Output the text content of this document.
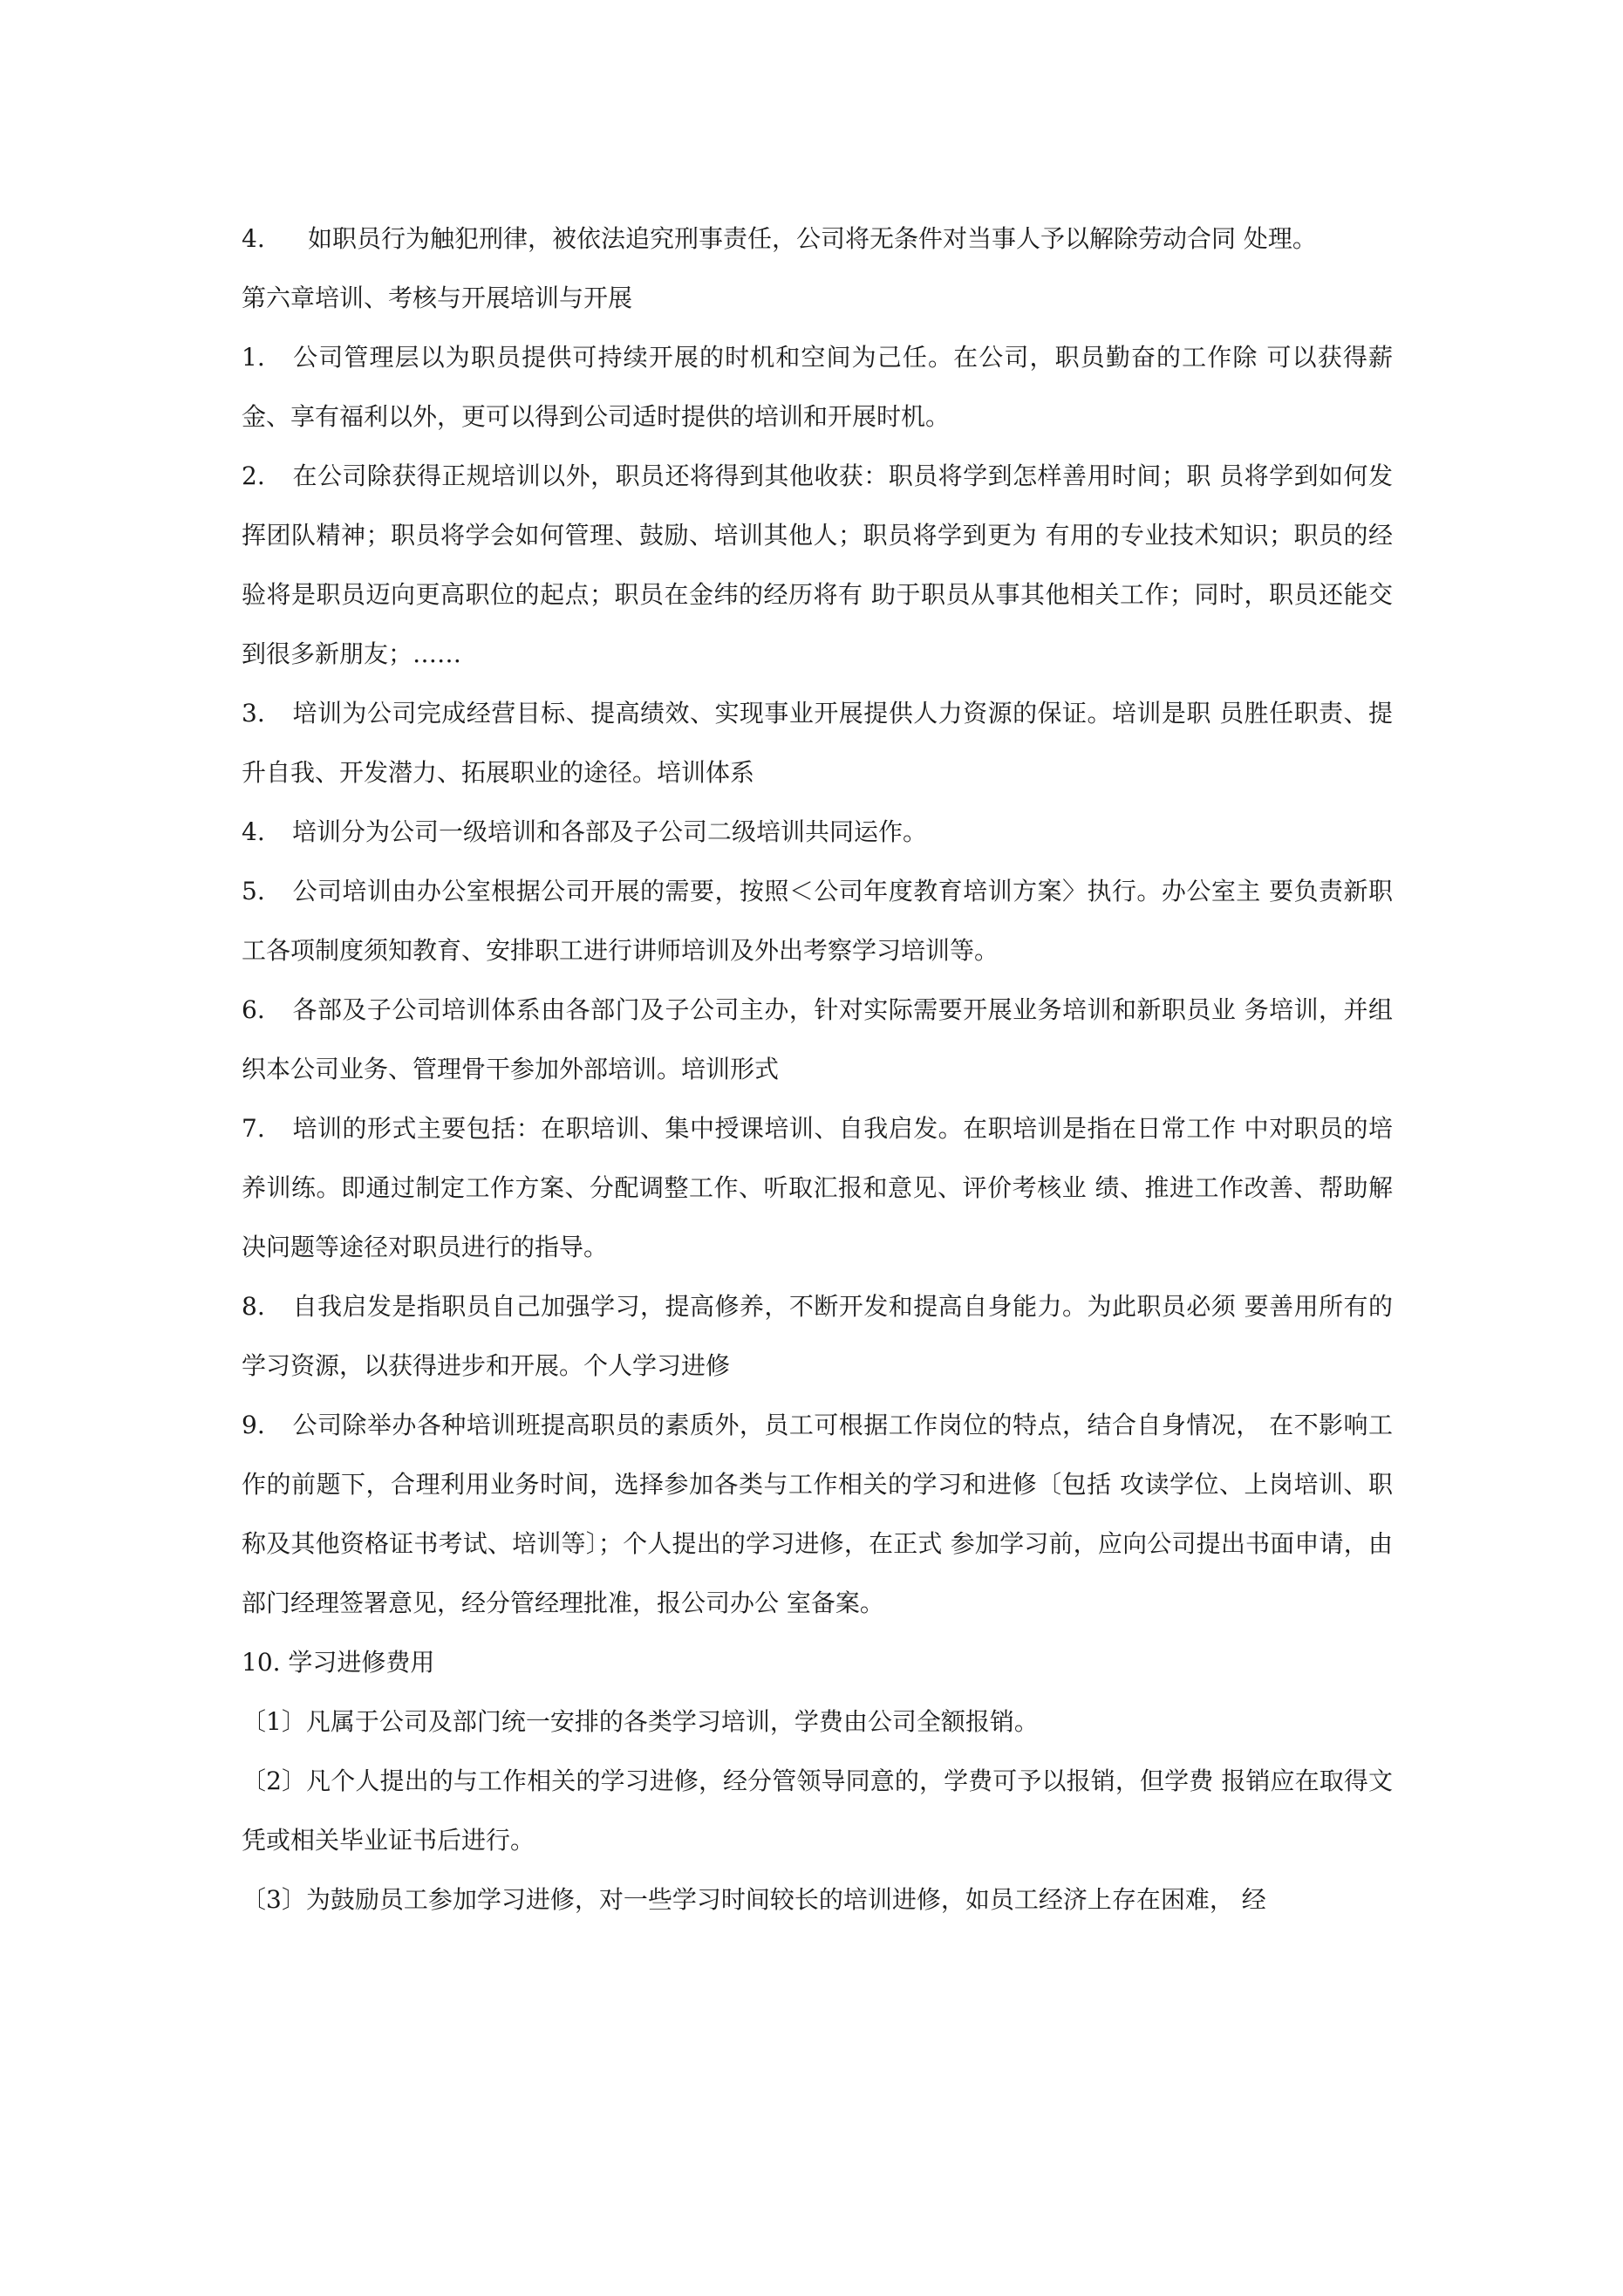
4. 如职员行为触犯刑律，被依法追究刑事责任，公司将无条件对当事人予以解除劳动合同 处理。

第六章培训、考核与开展培训与开展

1. 公司管理层以为职员提供可持续开展的时机和空间为己任。在公司，职员勤奋的工作除 可以获得薪金、享有福利以外，更可以得到公司适时提供的培训和开展时机。

2. 在公司除获得正规培训以外，职员还将得到其他收获：职员将学到怎样善用时间；职 员将学到如何发挥团队精神；职员将学会如何管理、鼓励、培训其他人；职员将学到更为 有用的专业技术知识；职员的经验将是职员迈向更高职位的起点；职员在金纬的经历将有 助于职员从事其他相关工作；同时，职员还能交到很多新朋友；……

3. 培训为公司完成经营目标、提高绩效、实现事业开展提供人力资源的保证。培训是职 员胜任职责、提升自我、开发潜力、拓展职业的途径。培训体系

4. 培训分为公司一级培训和各部及子公司二级培训共同运作。

5. 公司培训由办公室根据公司开展的需要，按照＜公司年度教育培训方案〉执行。办公室主 要负责新职工各项制度须知教育、安排职工进行讲师培训及外出考察学习培训等。

6. 各部及子公司培训体系由各部门及子公司主办，针对实际需要开展业务培训和新职员业 务培训，并组织本公司业务、管理骨干参加外部培训。培训形式

7. 培训的形式主要包括：在职培训、集中授课培训、自我启发。在职培训是指在日常工作 中对职员的培养训练。即通过制定工作方案、分配调整工作、听取汇报和意见、评价考核业 绩、推进工作改善、帮助解决问题等途径对职员进行的指导。

8. 自我启发是指职员自己加强学习，提高修养，不断开发和提高自身能力。为此职员必须 要善用所有的学习资源，以获得进步和开展。个人学习进修

9. 公司除举办各种培训班提高职员的素质外，员工可根据工作岗位的特点，结合自身情况， 在不影响工作的前题下，合理利用业务时间，选择参加各类与工作相关的学习和进修〔包括 攻读学位、上岗培训、职称及其他资格证书考试、培训等〕；个人提出的学习进修，在正式 参加学习前，应向公司提出书面申请，由部门经理签署意见，经分管经理批准，报公司办公 室备案。

10. 学习进修费用

〔1〕凡属于公司及部门统一安排的各类学习培训，学费由公司全额报销。

〔2〕凡个人提出的与工作相关的学习进修，经分管领导同意的，学费可予以报销，但学费 报销应在取得文凭或相关毕业证书后进行。

〔3〕为鼓励员工参加学习进修，对一些学习时间较长的培训进修，如员工经济上存在困难， 经
